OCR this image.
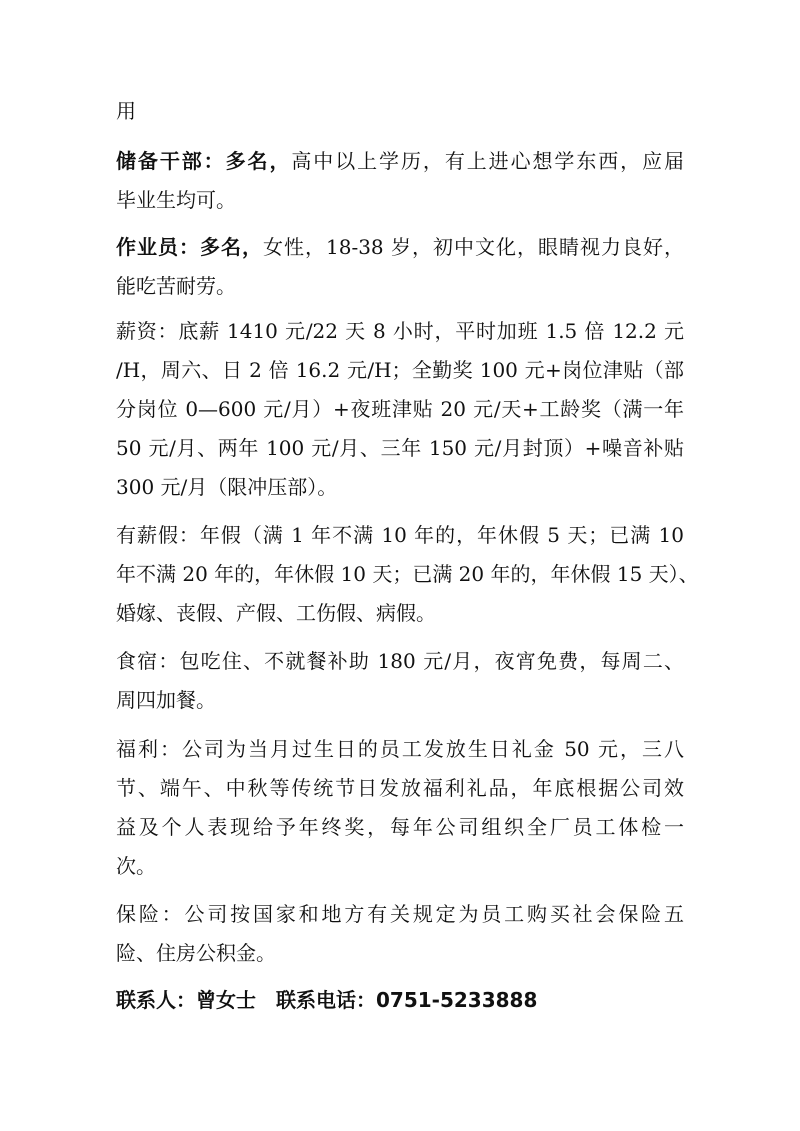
用
储备干部：多名，高中以上学历，有上进心想学东西，应届
毕业生均可。
作业员：多名，女性，18-38 岁，初中文化，眼睛视力良好，
能吃苦耐劳。
薪资：底薪 1410 元/22 天 8 小时，平时加班 1.5 倍 12.2 元
/H，周六、日 2 倍 16.2 元/H；全勤奖 100 元+岗位津贴（部
分岗位 0—600 元/月）+夜班津贴 20 元/天+工龄奖（满一年
50 元/月、两年 100 元/月、三年 150 元/月封顶）+噪音补贴
300 元/月（限冲压部）。
有薪假：年假（满 1 年不满 10 年的，年休假 5 天；已满 10
年不满 20 年的，年休假 10 天；已满 20 年的，年休假 15 天）、
婚嫁、丧假、产假、工伤假、病假。
食宿：包吃住、不就餐补助 180 元/月，夜宵免费，每周二、
周四加餐。
福利：公司为当月过生日的员工发放生日礼金 50 元，三八
节、端午、中秋等传统节日发放福利礼品，年底根据公司效
益及个人表现给予年终奖，每年公司组织全厂员工体检一
次。
保险：公司按国家和地方有关规定为员工购买社会保险五
险、住房公积金。
联系人：曾女士　联系电话：0751-5233888
